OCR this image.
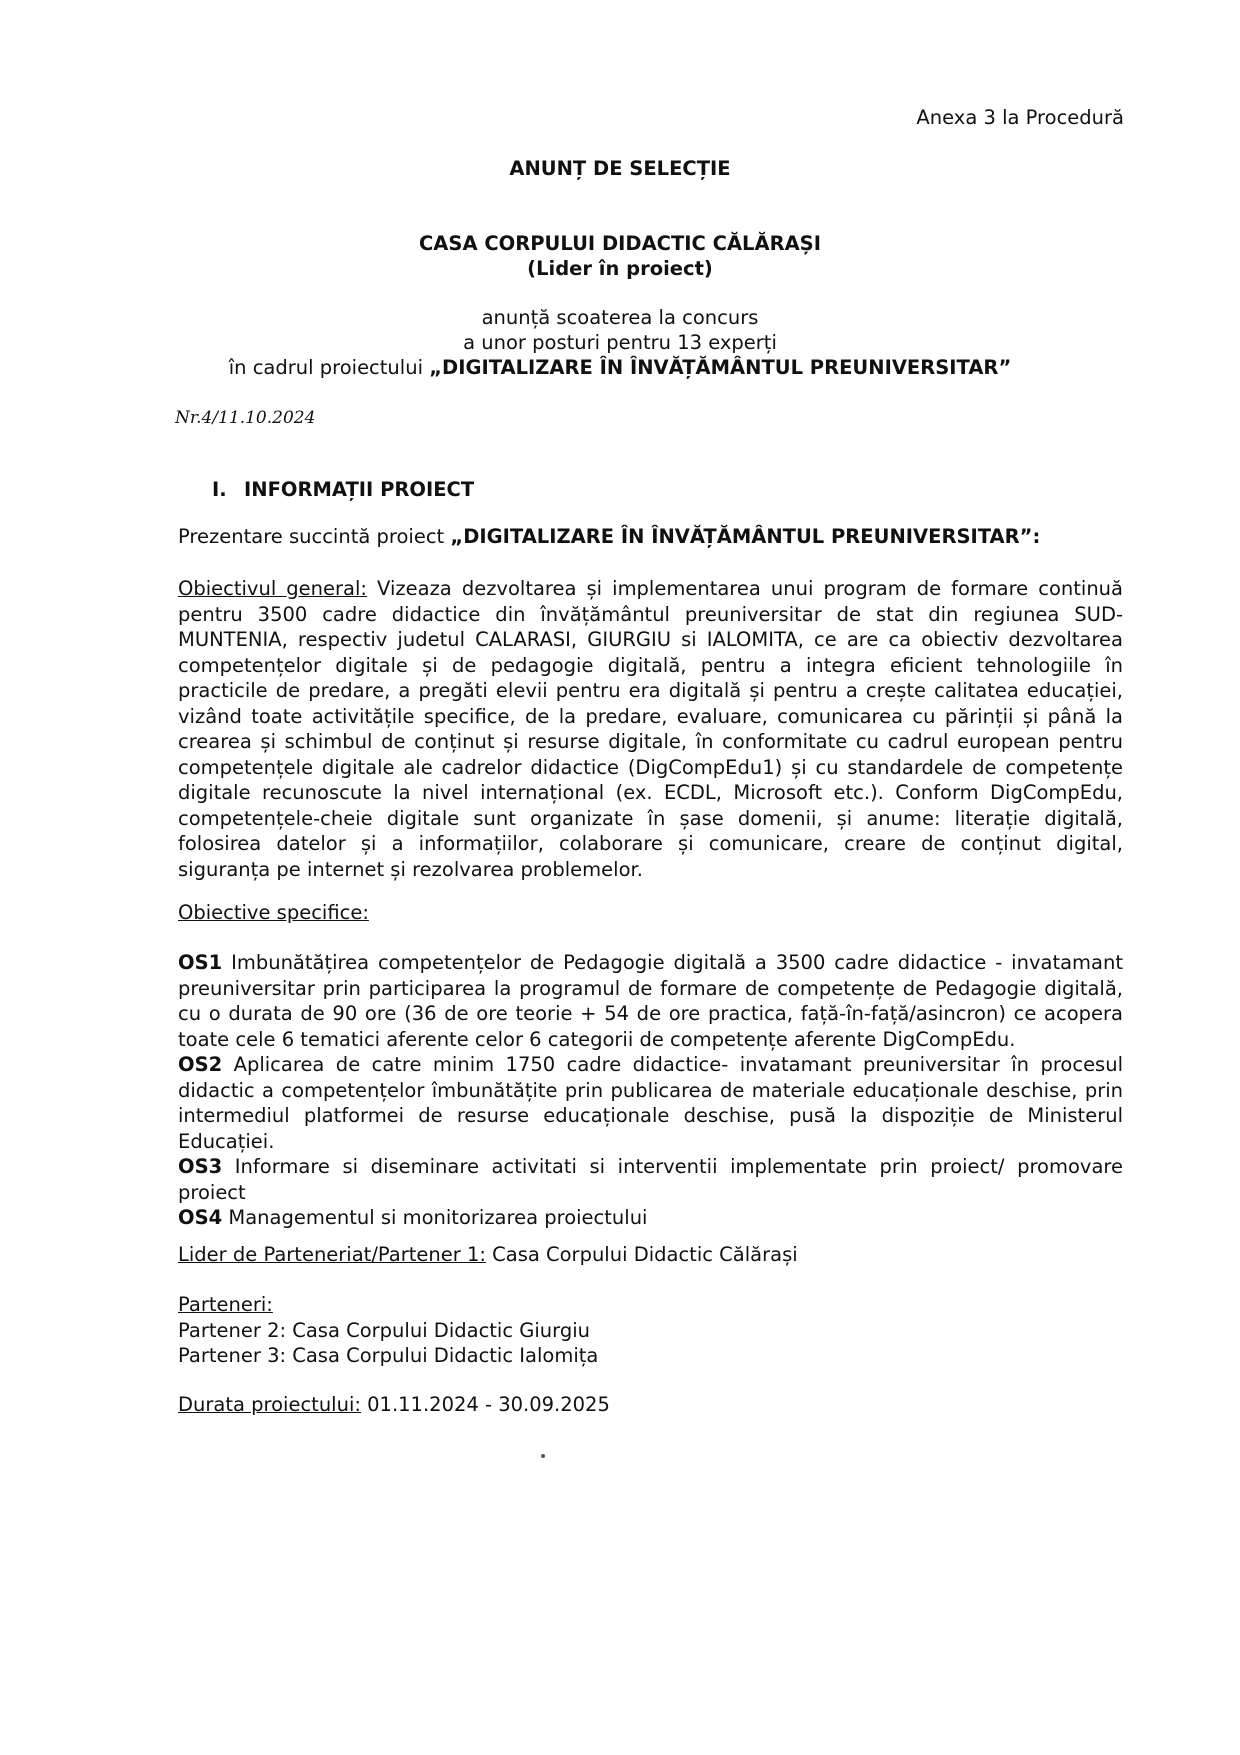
Anexa 3 la Procedură
ANUNȚ DE SELECȚIE
CASA CORPULUI DIDACTIC CĂLĂRAȘI
(Lider în proiect)
anunță scoaterea la concurs
a unor posturi pentru 13 experți
în cadrul proiectului „DIGITALIZARE ÎN ÎNVĂȚĂMÂNTUL PREUNIVERSITAR”
Nr.4/11.10.2024
I. INFORMAȚII PROIECT
Prezentare succintă proiect „DIGITALIZARE ÎN ÎNVĂȚĂMÂNTUL PREUNIVERSITAR”:

Obiectivul general: Vizeaza dezvoltarea și implementarea unui program de formare continuă pentru 3500 cadre didactice din învățământul preuniversitar de stat din regiunea SUD-MUNTENIA, respectiv judetul CALARASI, GIURGIU si IALOMITA, ce are ca obiectiv dezvoltarea competențelor digitale și de pedagogie digitală, pentru a integra eficient tehnologiile în practicile de predare, a pregăti elevii pentru era digitală și pentru a crește calitatea educației, vizând toate activitățile specifice, de la predare, evaluare, comunicarea cu părinții și până la crearea și schimbul de conținut și resurse digitale, în conformitate cu cadrul european pentru competențele digitale ale cadrelor didactice (DigCompEdu1) și cu standardele de competențe digitale recunoscute la nivel internațional (ex. ECDL, Microsoft etc.). Conform DigCompEdu, competențele-cheie digitale sunt organizate în șase domenii, și anume: literație digitală, folosirea datelor și a informațiilor, colaborare și comunicare, creare de conținut digital, siguranța pe internet și rezolvarea problemelor.

Obiective specifice:

OS1 Imbunătățirea competențelor de Pedagogie digitală a 3500 cadre didactice - invatamant preuniversitar prin participarea la programul de formare de competențe de Pedagogie digitală, cu o durata de 90 ore (36 de ore teorie + 54 de ore practica, față-în-față/asincron) ce acopera toate cele 6 tematici aferente celor 6 categorii de competențe aferente DigCompEdu.

OS2 Aplicarea de catre minim 1750 cadre didactice- invatamant preuniversitar în procesul didactic a competențelor îmbunătățite prin publicarea de materiale educaționale deschise, prin intermediul platformei de resurse educaționale deschise, pusă la dispoziție de Ministerul Educației.

OS3 Informare si diseminare activitati si interventii implementate prin proiect/ promovare proiect

OS4 Managementul si monitorizarea proiectului

Lider de Parteneriat/Partener 1: Casa Corpului Didactic Călărași
Parteneri:
Partener 2: Casa Corpului Didactic Giurgiu
Partener 3: Casa Corpului Didactic Ialomița
Durata proiectului: 01.11.2024 - 30.09.2025
